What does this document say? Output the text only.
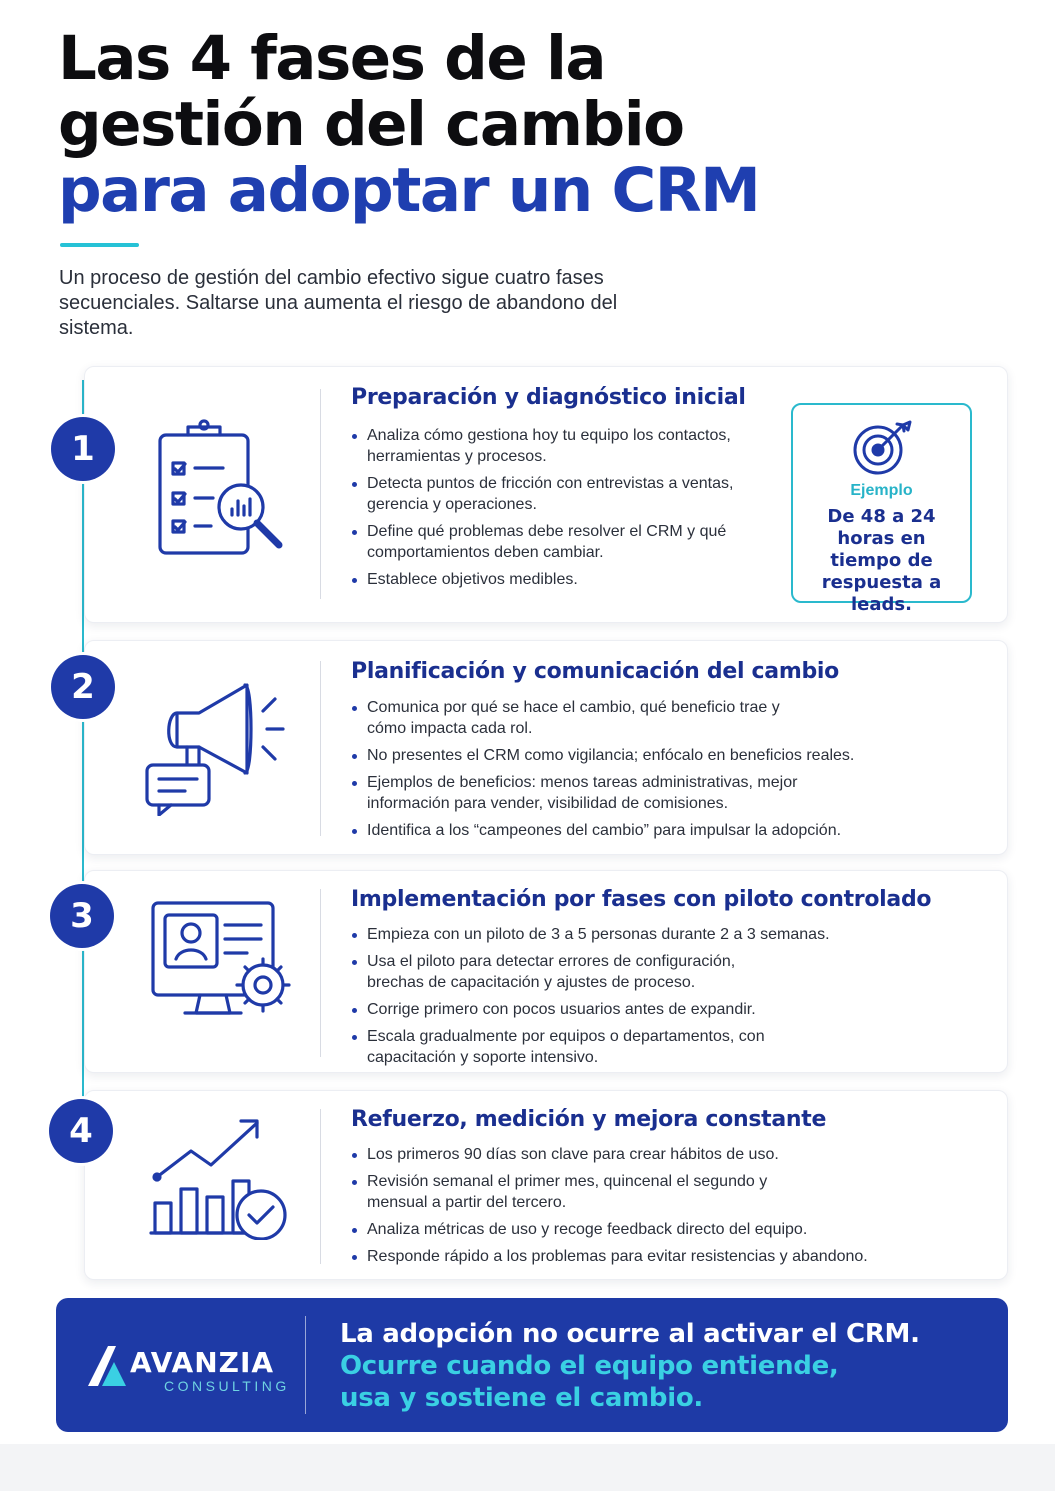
Las 4 fases de la
gestión del cambio
para adoptar un CRM

Un proceso de gestión del cambio efectivo sigue cuatro fases secuenciales. Saltarse una aumenta el riesgo de abandono del sistema.

Preparación y diagnóstico inicial
Analiza cómo gestiona hoy tu equipo los contactos, herramientas y procesos.
Detecta puntos de fricción con entrevistas a ventas, gerencia y operaciones.
Define qué problemas debe resolver el CRM y qué comportamientos deben cambiar.
Establece objetivos medibles.
Ejemplo
De 48 a 24 horas en tiempo de respuesta a leads.
1
Planificación y comunicación del cambio
Comunica por qué se hace el cambio, qué beneficio trae y cómo impacta cada rol.
No presentes el CRM como vigilancia; enfócalo en beneficios reales.
Ejemplos de beneficios: menos tareas administrativas, mejor información para vender, visibilidad de comisiones.
Identifica a los “campeones del cambio” para impulsar la adopción.
2
Implementación por fases con piloto controlado
Empieza con un piloto de 3 a 5 personas durante 2 a 3 semanas.
Usa el piloto para detectar errores de configuración, brechas de capacitación y ajustes de proceso.
Corrige primero con pocos usuarios antes de expandir.
Escala gradualmente por equipos o departamentos, con capacitación y soporte intensivo.
3
Refuerzo, medición y mejora constante
Los primeros 90 días son clave para crear hábitos de uso.
Revisión semanal el primer mes, quincenal el segundo y mensual a partir del tercero.
Analiza métricas de uso y recoge feedback directo del equipo.
Responde rápido a los problemas para evitar resistencias y abandono.
4
AVANZIA
CONSULTING
La adopción no ocurre al activar el CRM.
Ocurre cuando el equipo entiende,
usa y sostiene el cambio.
